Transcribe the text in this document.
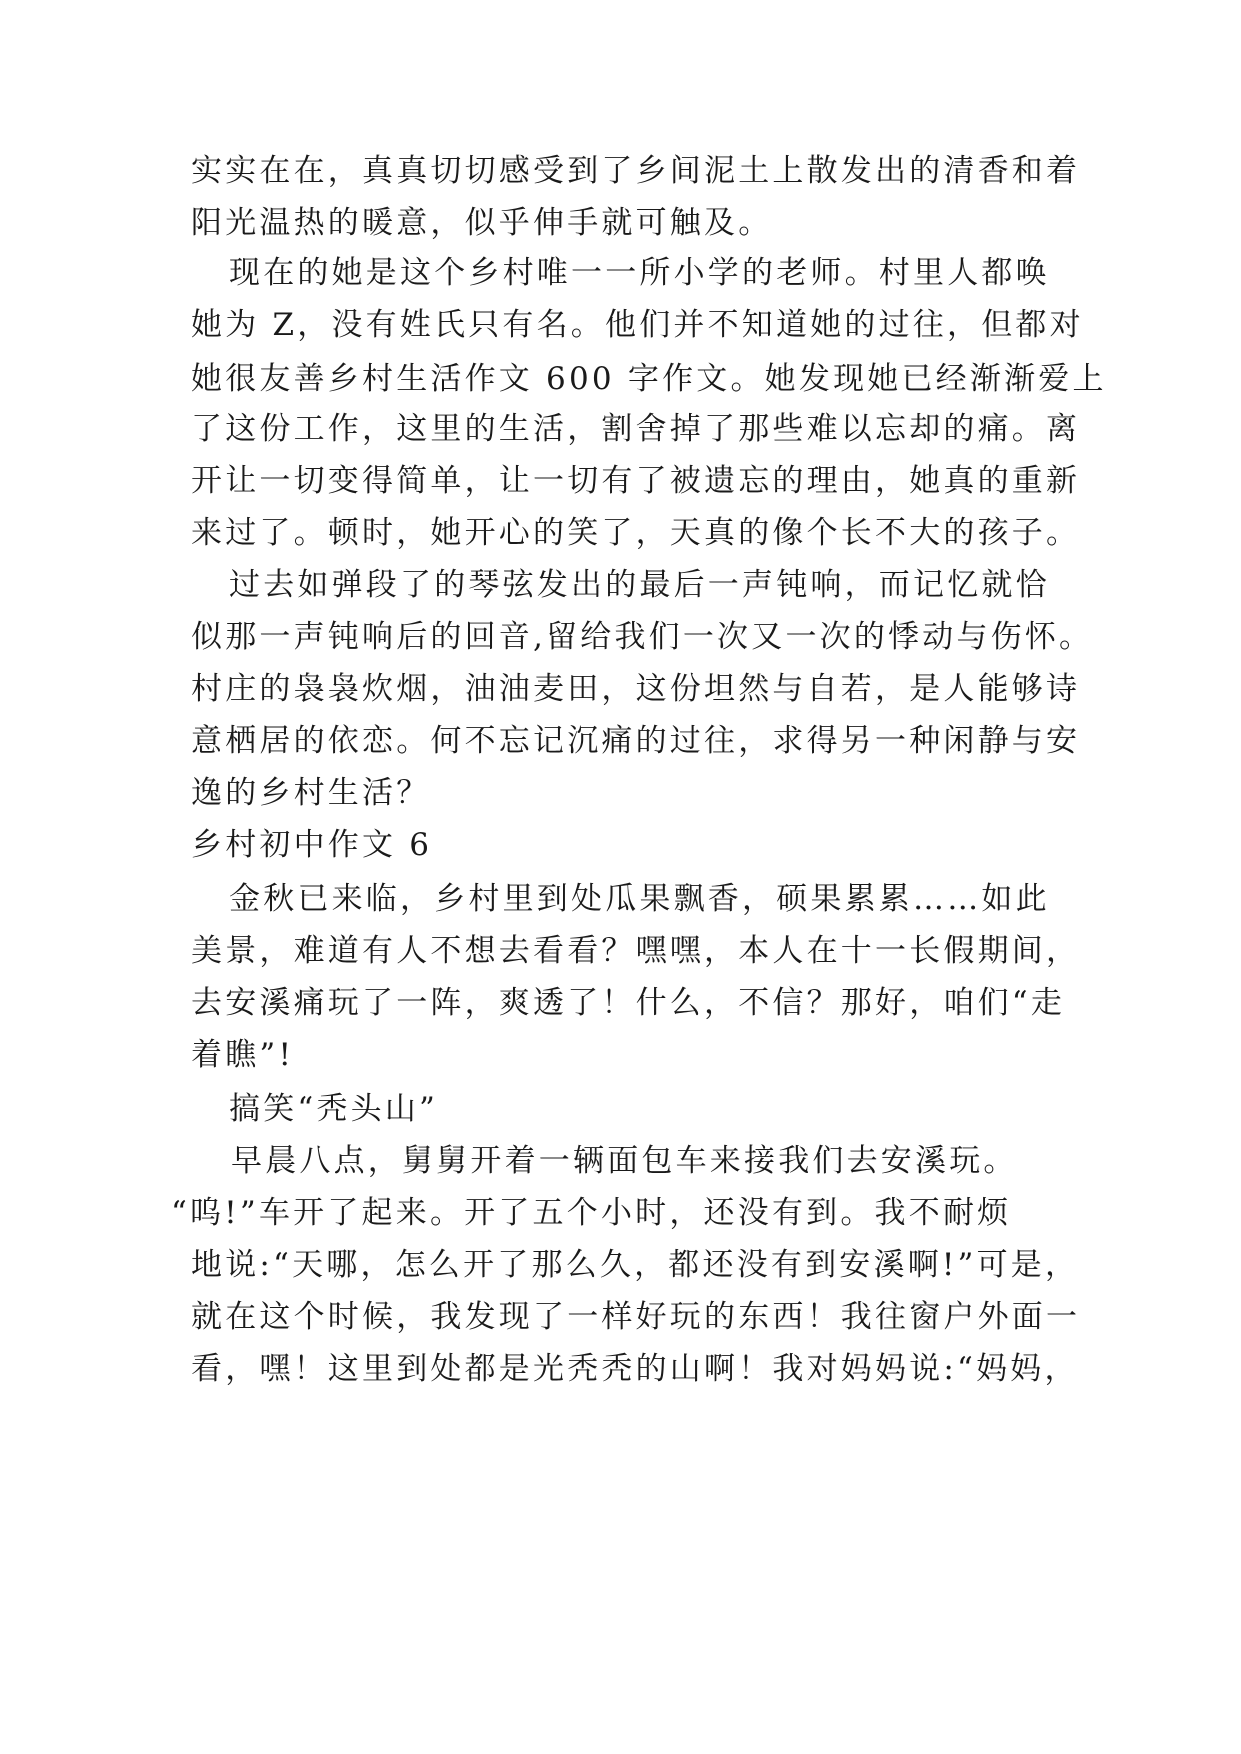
实实在在，真真切切感受到了乡间泥土上散发出的清香和着
阳光温热的暖意，似乎伸手就可触及。
现在的她是这个乡村唯一一所小学的老师。村里人都唤
她为 Z，没有姓氏只有名。他们并不知道她的过往，但都对
她很友善乡村生活作文 600 字作文。她发现她已经渐渐爱上
了这份工作，这里的生活，割舍掉了那些难以忘却的痛。离
开让一切变得简单，让一切有了被遗忘的理由，她真的重新
来过了。顿时，她开心的笑了，天真的像个长不大的孩子。
过去如弹段了的琴弦发出的最后一声钝响，而记忆就恰
似那一声钝响后的回音,留给我们一次又一次的悸动与伤怀。
村庄的袅袅炊烟，油油麦田，这份坦然与自若，是人能够诗
意栖居的依恋。何不忘记沉痛的过往，求得另一种闲静与安
逸的乡村生活？
乡村初中作文 6
金秋已来临，乡村里到处瓜果飘香，硕果累累……如此
美景，难道有人不想去看看？嘿嘿，本人在十一长假期间，
去安溪痛玩了一阵，爽透了！什么，不信？那好，咱们“走
着瞧”!
搞笑“秃头山”
早晨八点，舅舅开着一辆面包车来接我们去安溪玩。
“呜!”车开了起来。开了五个小时，还没有到。我不耐烦
地说:“天哪，怎么开了那么久，都还没有到安溪啊!”可是，
就在这个时候，我发现了一样好玩的东西！我往窗户外面一
看，嘿！这里到处都是光秃秃的山啊！我对妈妈说:“妈妈，
